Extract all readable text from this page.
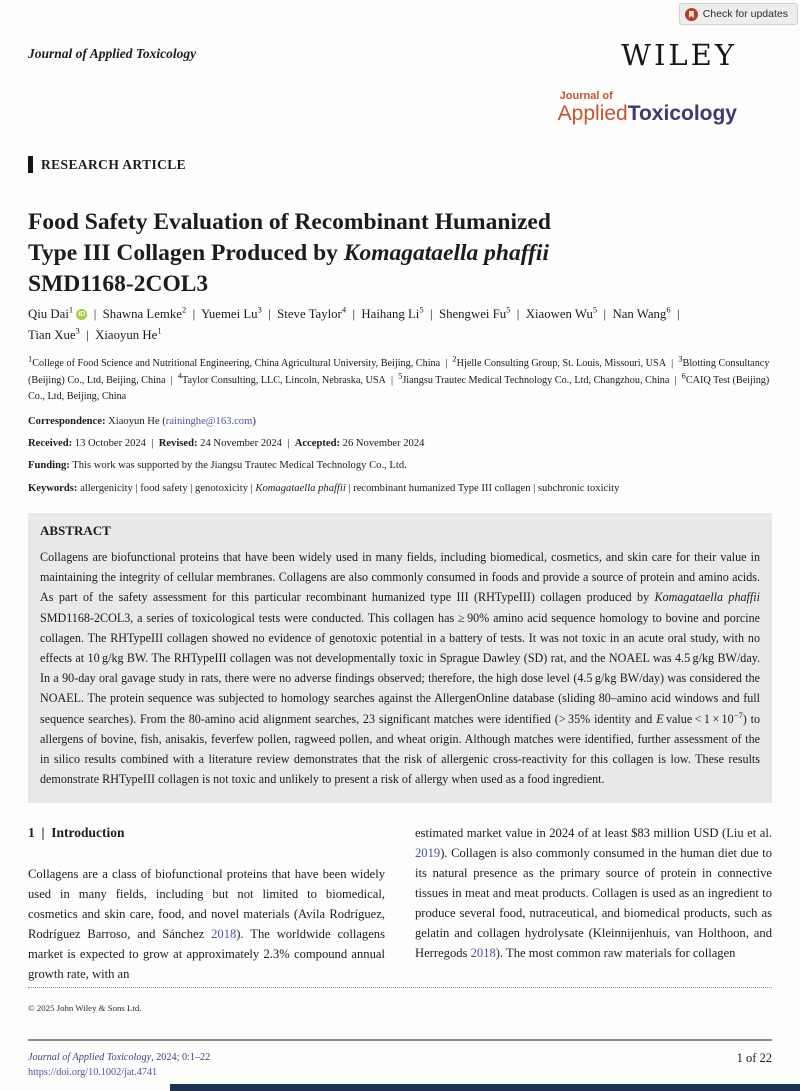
Check for updates
Journal of Applied Toxicology	WILEY
Journal of
AppliedToxicology
RESEARCH ARTICLE
Food Safety Evaluation of Recombinant Humanized
Type III Collagen Produced by Komagataella phaffii
SMD1168-2COL3
Qiu Dai$^1$ iD  |  Shawna Lemke$^2$  |  Yuemei Lu$^3$  |  Steve Taylor$^4$  |  Haihang Li$^5$  |  Shengwei Fu$^5$  |  Xiaowen Wu$^5$  |  Nan Wang$^6$  |
Tian Xue$^3$  |  Xiaoyun He$^1$
$^1$College of Food Science and Nutritional Engineering, China Agricultural University, Beijing, China  |  $^2$Hjelle Consulting Group, St. Louis, Missouri, USA  |  $^3$Blotting Consultancy (Beijing) Co., Ltd, Beijing, China  |  $^4$Taylor Consulting, LLC, Lincoln, Nebraska, USA  |  $^5$Jiangsu Trautec Medical Technology Co., Ltd, Changzhou, China  |  $^6$CAIQ Test (Beijing) Co., Ltd, Beijing, China
Correspondence: Xiaoyun He (raininghe@163.com)
Received: 13 October 2024  |  Revised: 24 November 2024  |  Accepted: 26 November 2024
Funding: This work was supported by the Jiangsu Trautec Medical Technology Co., Ltd.
Keywords: allergenicity | food safety | genotoxicity | Komagataella phaffii | recombinant humanized Type III collagen | subchronic toxicity
ABSTRACT

Collagens are biofunctional proteins that have been widely used in many fields, including biomedical, cosmetics, and skin care for their value in maintaining the integrity of cellular membranes. Collagens are also commonly consumed in foods and provide a source of protein and amino acids. As part of the safety assessment for this particular recombinant humanized type III (RHTypeIII) collagen produced by Komagataella phaffii SMD1168-2COL3, a series of toxicological tests were conducted. This collagen has ≥ 90% amino acid sequence homology to bovine and porcine collagen. The RHTypeIII collagen showed no evidence of genotoxic potential in a battery of tests. It was not toxic in an acute oral study, with no effects at 10 g/kg BW. The RHTypeIII collagen was not developmentally toxic in Sprague Dawley (SD) rat, and the NOAEL was 4.5 g/kg BW/day. In a 90-day oral gavage study in rats, there were no adverse findings observed; therefore, the high dose level (4.5 g/kg BW/day) was considered the NOAEL. The protein sequence was subjected to homology searches against the AllergenOnline database (sliding 80–amino acid windows and full sequence searches). From the 80-amino acid alignment searches, 23 significant matches were identified (> 35% identity and E value < $1 \times 10^{-7}$) to allergens of bovine, fish, anisakis, feverfew pollen, ragweed pollen, and wheat origin. Although matches were identified, further assessment of the in silico results combined with a literature review demonstrates that the risk of allergenic cross-reactivity for this collagen is low. These results demonstrate RHTypeIII collagen is not toxic and unlikely to present a risk of allergy when used as a food ingredient.

1 | Introduction

Collagens are a class of biofunctional proteins that have been widely used in many fields, including but not limited to biomedical, cosmetics and skin care, food, and novel materials (Avila Rodríguez, Rodríguez Barroso, and Sánchez 2018). The worldwide collagens market is expected to grow at approximately 2.3% compound annual growth rate, with an

estimated market value in 2024 of at least $83 million USD (Liu et al. 2019). Collagen is also commonly consumed in the human diet due to its natural presence as the primary source of protein in connective tissues in meat and meat products. Collagen is used as an ingredient to produce several food, nutraceutical, and biomedical products, such as gelatin and collagen hydrolysate (Kleinnijenhuis, van Holthoon, and Herregods 2018). The most common raw materials for collagen

© 2025 John Wiley & Sons Ltd.
Journal of Applied Toxicology, 2024; 0:1–22
https://doi.org/10.1002/jat.4741
1 of 22
